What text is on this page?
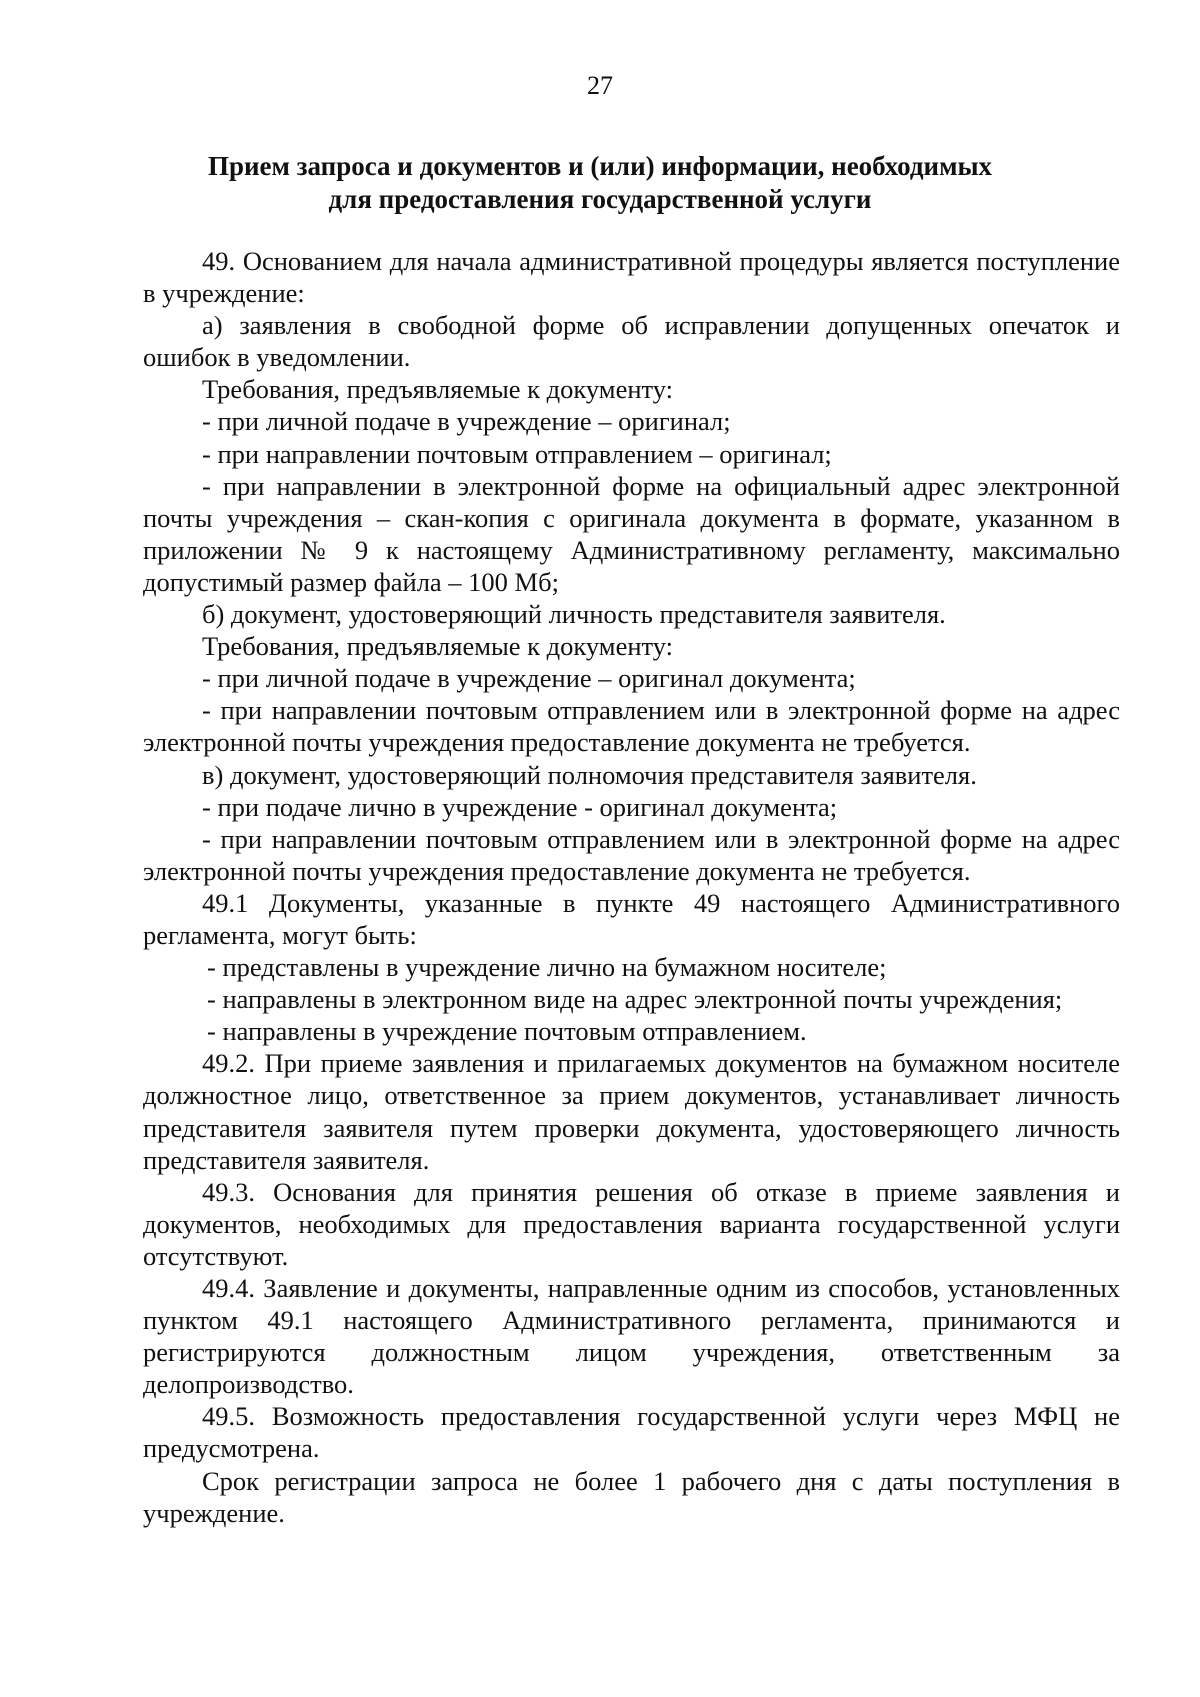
27
Прием запроса и документов и (или) информации, необходимых
для предоставления государственной услуги

49. Основанием для начала административной процедуры является поступление в учреждение:

а) заявления в свободной форме об исправлении допущенных опечаток и ошибок в уведомлении.

Требования, предъявляемые к документу:

- при личной подаче в учреждение – оригинал;

- при направлении почтовым отправлением – оригинал;

- при направлении в электронной форме на официальный адрес электронной почты учреждения – скан-копия с оригинала документа в формате, указанном в приложении № 9 к настоящему Административному регламенту, максимально допустимый размер файла – 100 Мб;

б) документ, удостоверяющий личность представителя заявителя.

Требования, предъявляемые к документу:

- при личной подаче в учреждение – оригинал документа;

- при направлении почтовым отправлением или в электронной форме на адрес электронной почты учреждения предоставление документа не требуется.

в) документ, удостоверяющий полномочия представителя заявителя.

- при подаче лично в учреждение - оригинал документа;

- при направлении почтовым отправлением или в электронной форме на адрес электронной почты учреждения предоставление документа не требуется.

49.1 Документы, указанные в пункте 49 настоящего Административного регламента, могут быть:

- представлены в учреждение лично на бумажном носителе;

- направлены в электронном виде на адрес электронной почты учреждения;

- направлены в учреждение почтовым отправлением.

49.2. При приеме заявления и прилагаемых документов на бумажном носителе должностное лицо, ответственное за прием документов, устанавливает личность представителя заявителя путем проверки документа, удостоверяющего личность представителя заявителя.

49.3. Основания для принятия решения об отказе в приеме заявления и документов, необходимых для предоставления варианта государственной услуги отсутствуют.

49.4. Заявление и документы, направленные одним из способов, установленных пунктом 49.1 настоящего Административного регламента, принимаются и регистрируются должностным лицом учреждения, ответственным за делопроизводство.

49.5. Возможность предоставления государственной услуги через МФЦ не предусмотрена.

Срок регистрации запроса не более 1 рабочего дня с даты поступления в учреждение.
